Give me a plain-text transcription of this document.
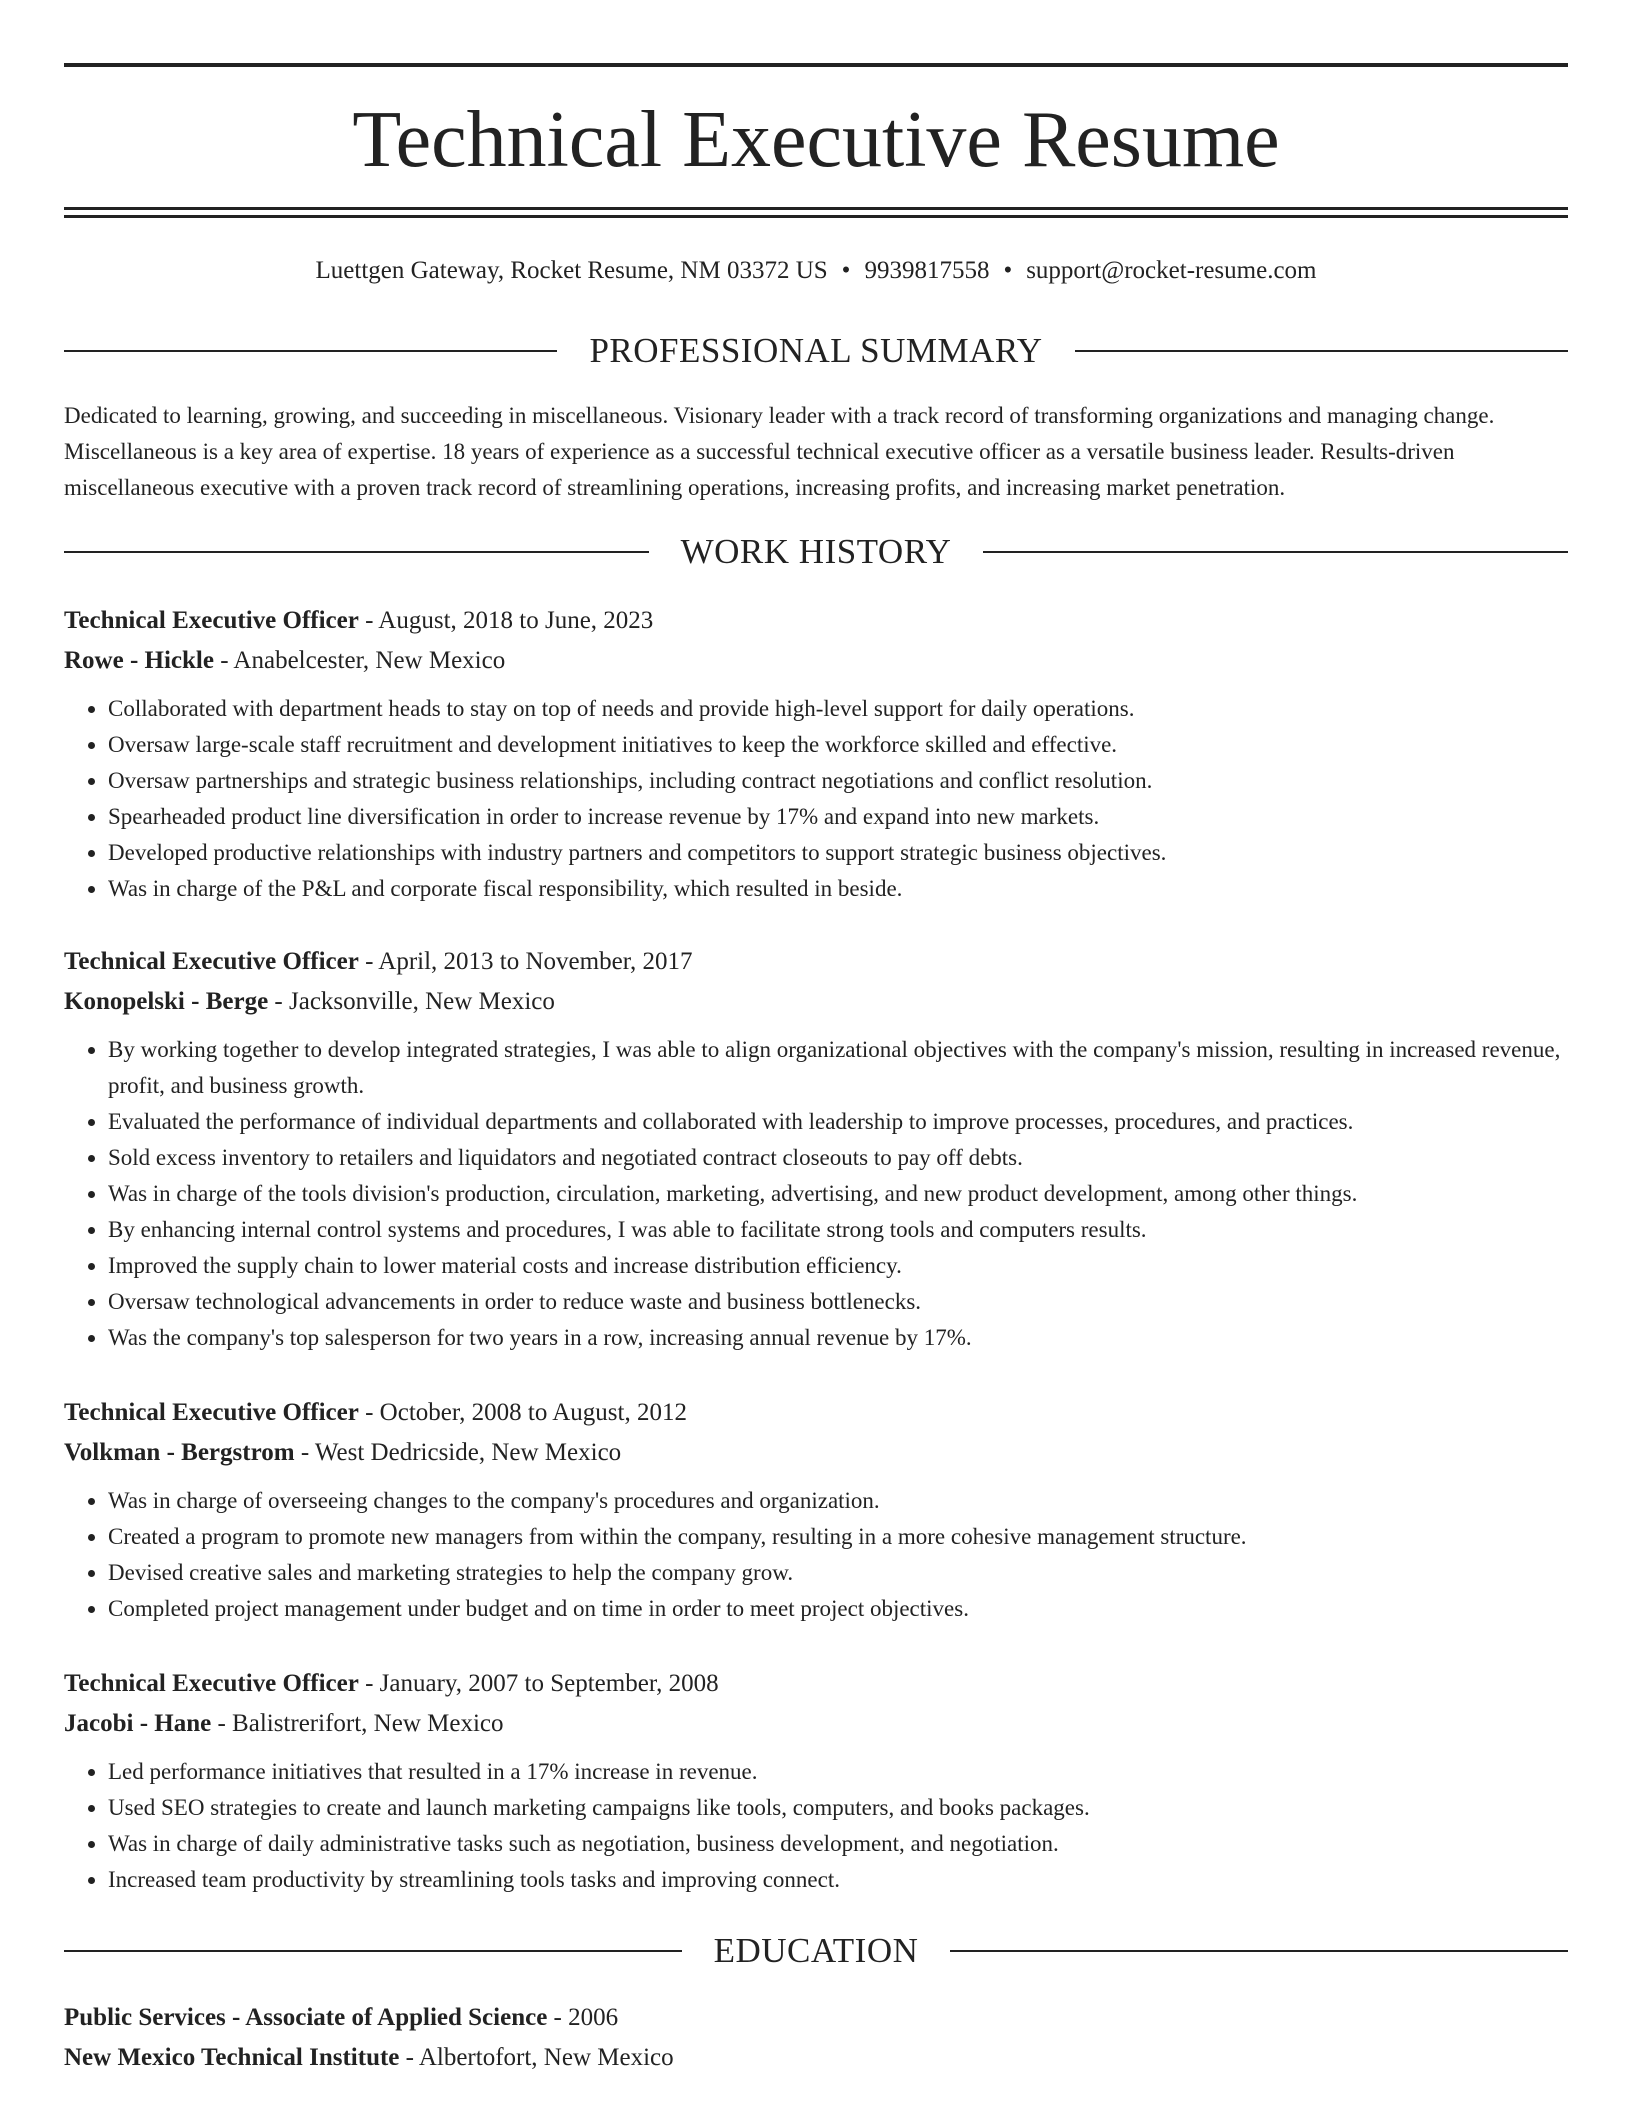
Technical Executive Resume
Luettgen Gateway, Rocket Resume, NM 03372 US • 9939817558 • support@rocket-resume.com
PROFESSIONAL SUMMARY
Dedicated to learning, growing, and succeeding in miscellaneous. Visionary leader with a track record of transforming organizations and managing change. Miscellaneous is a key area of expertise. 18 years of experience as a successful technical executive officer as a versatile business leader. Results-driven miscellaneous executive with a proven track record of streamlining operations, increasing profits, and increasing market penetration.
WORK HISTORY
Technical Executive Officer - August, 2018 to June, 2023
Rowe - Hickle - Anabelcester, New Mexico
• Collaborated with department heads to stay on top of needs and provide high-level support for daily operations.
• Oversaw large-scale staff recruitment and development initiatives to keep the workforce skilled and effective.
• Oversaw partnerships and strategic business relationships, including contract negotiations and conflict resolution.
• Spearheaded product line diversification in order to increase revenue by 17% and expand into new markets.
• Developed productive relationships with industry partners and competitors to support strategic business objectives.
• Was in charge of the P&L and corporate fiscal responsibility, which resulted in beside.
Technical Executive Officer - April, 2013 to November, 2017
Konopelski - Berge - Jacksonville, New Mexico
• By working together to develop integrated strategies, I was able to align organizational objectives with the company's mission, resulting in increased revenue, profit, and business growth.
• Evaluated the performance of individual departments and collaborated with leadership to improve processes, procedures, and practices.
• Sold excess inventory to retailers and liquidators and negotiated contract closeouts to pay off debts.
• Was in charge of the tools division's production, circulation, marketing, advertising, and new product development, among other things.
• By enhancing internal control systems and procedures, I was able to facilitate strong tools and computers results.
• Improved the supply chain to lower material costs and increase distribution efficiency.
• Oversaw technological advancements in order to reduce waste and business bottlenecks.
• Was the company's top salesperson for two years in a row, increasing annual revenue by 17%.
Technical Executive Officer - October, 2008 to August, 2012
Volkman - Bergstrom - West Dedricside, New Mexico
• Was in charge of overseeing changes to the company's procedures and organization.
• Created a program to promote new managers from within the company, resulting in a more cohesive management structure.
• Devised creative sales and marketing strategies to help the company grow.
• Completed project management under budget and on time in order to meet project objectives.
Technical Executive Officer - January, 2007 to September, 2008
Jacobi - Hane - Balistrerifort, New Mexico
• Led performance initiatives that resulted in a 17% increase in revenue.
• Used SEO strategies to create and launch marketing campaigns like tools, computers, and books packages.
• Was in charge of daily administrative tasks such as negotiation, business development, and negotiation.
• Increased team productivity by streamlining tools tasks and improving connect.
EDUCATION
Public Services - Associate of Applied Science - 2006
New Mexico Technical Institute - Albertofort, New Mexico
